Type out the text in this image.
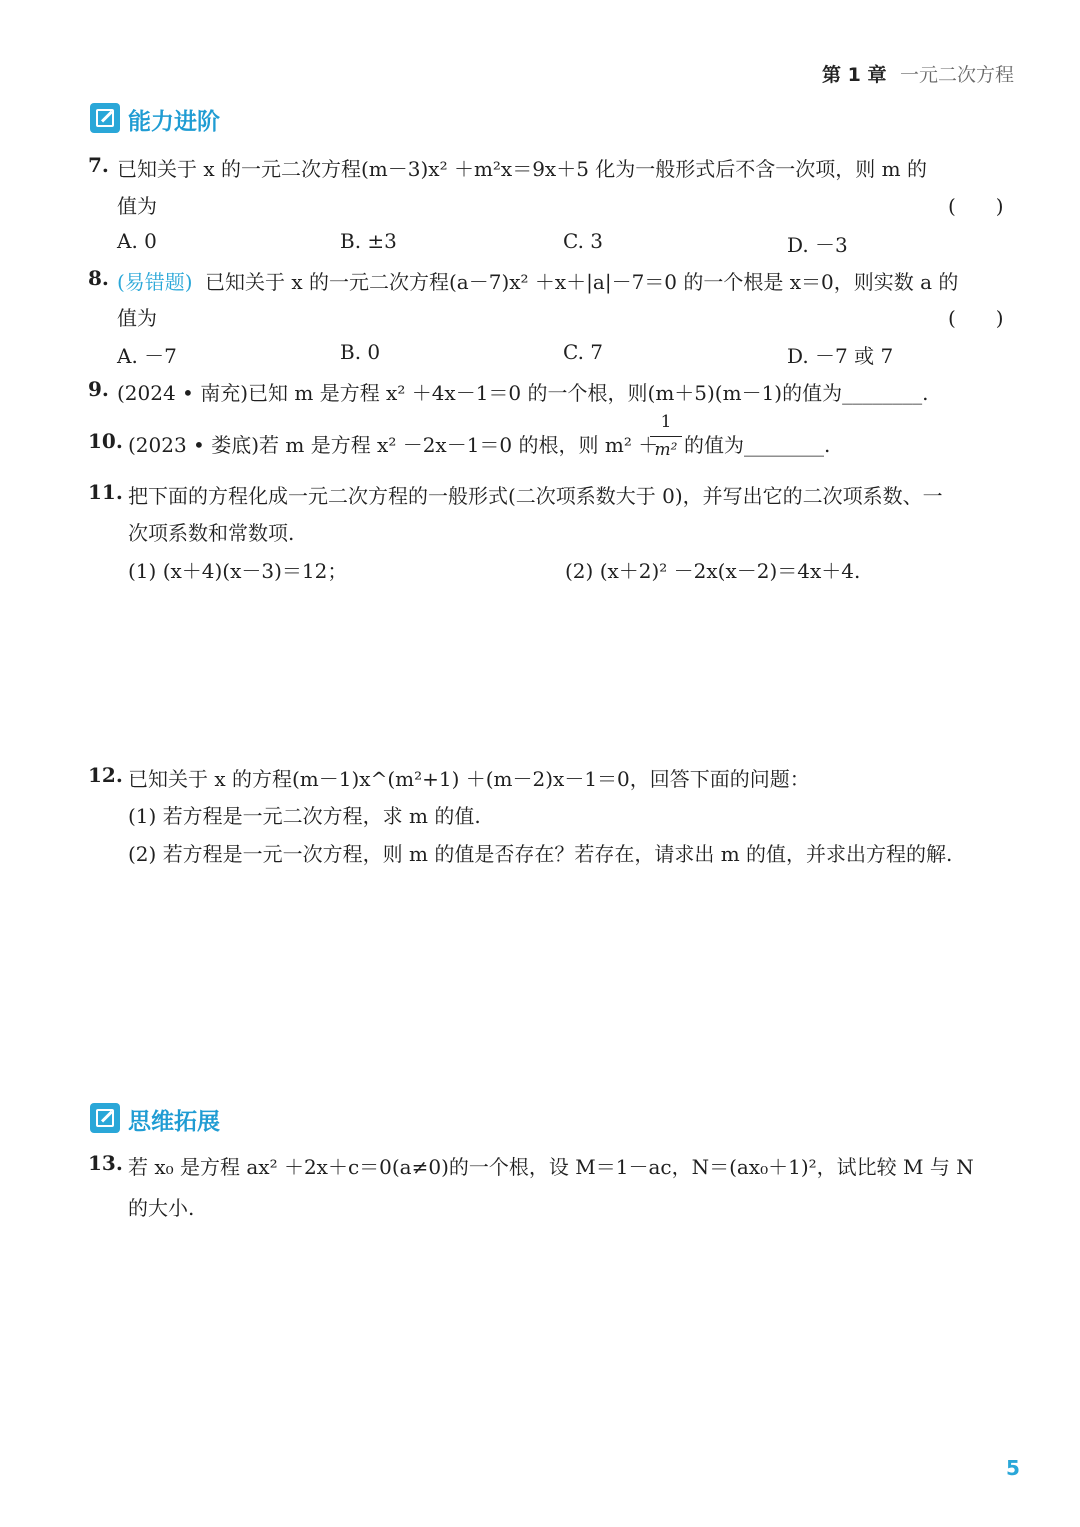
第 1 章 一元二次方程
能力进阶
7. 已知关于 x 的一元二次方程(m－3)x² ＋m²x＝9x＋5 化为一般形式后不含一次项，则 m 的
值为	(　　)
A. 0	B. ±3	C. 3	D. －3
8. (易错题) 已知关于 x 的一元二次方程(a－7)x² ＋x＋|a|－7＝0 的一个根是 x＝0，则实数 a 的
值为	(　　)
A. －7	B. 0	C. 7	D. －7 或 7
9. (2024 • 南充)已知 m 是方程 x² ＋4x－1＝0 的一个根，则(m＋5)(m－1)的值为________.
10. (2023 • 娄底)若 m 是方程 x² －2x－1＝0 的根，则 m² ＋
1
m² 的值为________.
11. 把下面的方程化成一元二次方程的一般形式(二次项系数大于 0)，并写出它的二次项系数、一
次项系数和常数项.
(1) (x＋4)(x－3)＝12；	(2) (x＋2)² －2x(x－2)＝4x＋4.
12. 已知关于 x 的方程(m－1)x^(m²+1) ＋(m－2)x－1＝0，回答下面的问题：
(1) 若方程是一元二次方程，求 m 的值.
(2) 若方程是一元一次方程，则 m 的值是否存在？若存在，请求出 m 的值，并求出方程的解.
思维拓展
13. 若 x₀ 是方程 ax² ＋2x＋c＝0(a≠0)的一个根，设 M＝1－ac，N＝(ax₀＋1)²，试比较 M 与 N
的大小.
5
